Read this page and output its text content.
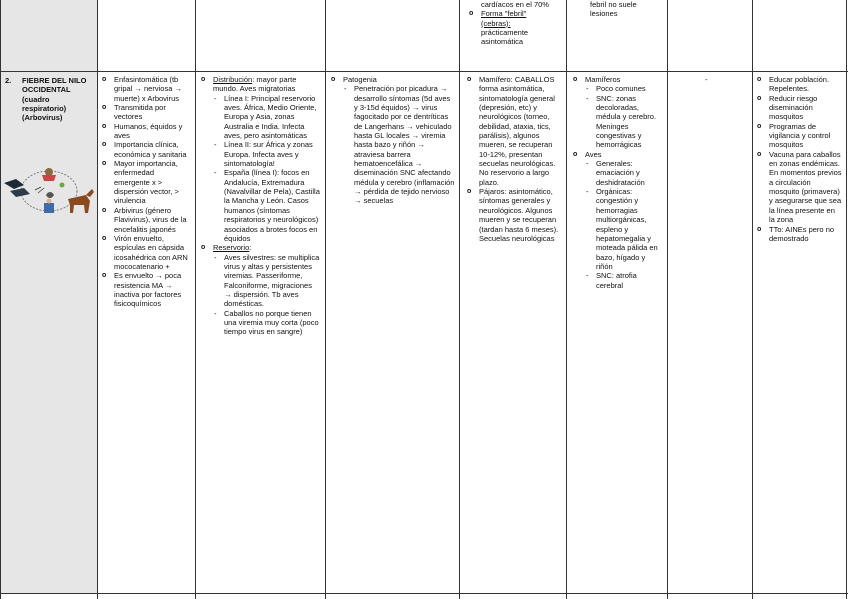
cardíacos en el 70%
o Forma "febril" (cebras): prácticamente asintomática
febril no suele lesiones
2. FIEBRE DEL NILO OCCIDENTAL (cuadro respiratorio) (Arbovirus)
o Enfasintomática (tb gripal → nerviosa → muerte) x Arbovirus
o Transmitida por vectores
o Humanos, équidos y aves
o Importancia clínica, económica y sanitaria
o Mayor importancia, enfermedad emergente x > dispersión vector, > virulencia
o Arbivirus (género Flavivirus), virus de la encefalitis japonés
o Virón envuelto, espículas en cápsida icosahédrica con ARN mococatenario +
o Es envuelto → poca resistencia MA → inactiva por factores fisicoquímicos
o Distribución: mayor parte mundo. Aves migratorias
- Línea I: Principal reservorio aves. África, Medio Oriente, Europa y Asia, zonas Australia e India. Infecta aves, pero asintomáticas
- Línea II: sur África y zonas Europa. Infecta aves y sintomatología!
- España (línea I): focos en Andalucía, Extremadura (Navalvillar de Pela), Castilla la Mancha y León. Casos humanos (síntomas respiratorios y neurológicos) asociados a brotes focos en équidos
o Reservorio:
- Aves silvestres: se multiplica virus y altas y persistentes viremias. Passeriforme, Falconiforme, migraciones → dispersión. Tb aves domésticas.
- Caballos no porque tienen una viremia muy corta (poco tiempo virus en sangre)
o Patogenia
- Penetración por picadura → desarrollo síntomas (5d aves y 3-15d équidos) → virus fagocitado por ce dentríticas de Langerhans → vehiculado hasta GL locales → viremia hasta bazo y riñón → atraviesa barrera hematoencefálica → diseminación SNC afectando médula y cerebro (inflamación → pérdida de tejido nervioso → secuelas
o Mamífero: CABALLOS forma asintomática, sintomatología general (depresión, etc) y neurológicos (torneo, debilidad, ataxia, tics, parálisis), algunos mueren, se recuperan 10-12%, presentan secuelas neurológicas. No reservorio a largo plazo.
o Pájaros: asintomático, síntomas generales y neurológicos. Algunos mueren y se recuperan (tardan hasta 6 meses). Secuelas neurológicas
o Mamíferos
- Poco comunes
- SNC: zonas decoloradas, médula y cerebro. Meninges congestivas y hemorrágicas
o Aves
- Generales: emaciación y deshidratación
- Orgánicas: congestión y hemorragias multiorgánicas, espleno y hepatomegalia y moteada pálida en bazo, hígado y riñón
- SNC: atrofia cerebral
-
o	Educar población. Repelentes.
o Reducir riesgo diseminación mosquitos
o Programas de vigilancia y control mosquitos
o Vacuna para caballos en zonas endémicas. En momentos previos a circulación mosquito (primavera) y asegurarse que sea la línea presente en la zona
o TTo: AINEs pero no demostrado
